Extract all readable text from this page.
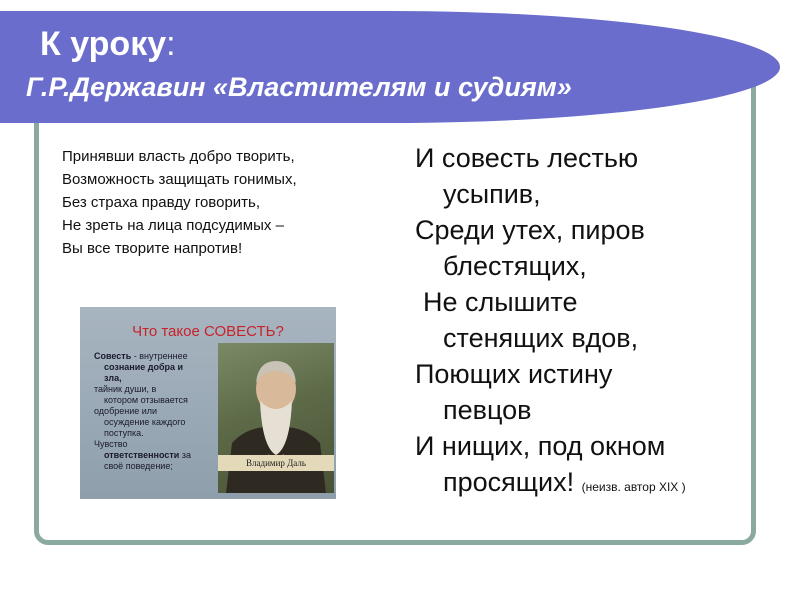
К уроку:
Г.Р.Державин «Властителям и судиям»
Принявши власть добро творить,
Возможность защищать гонимых,
Без страха правду говорить,
Не зреть на лица подсудимых –
Вы все творите напротив!
И совесть лестью
усыпив,
Среди утех, пиров
блестящих,
Не слышите
стенящих вдов,
Поющих истину
певцов
И нищих, под окном
просящих! (неизв. автор XIX )
Что такое СОВЕСТЬ?
Совесть - внутреннее
сознание добра и
зла,
тайник души, в
котором отзывается
одобрение или
осуждение каждого
поступка.
Чувство
ответственности за
своё поведение;	Владимир Даль
